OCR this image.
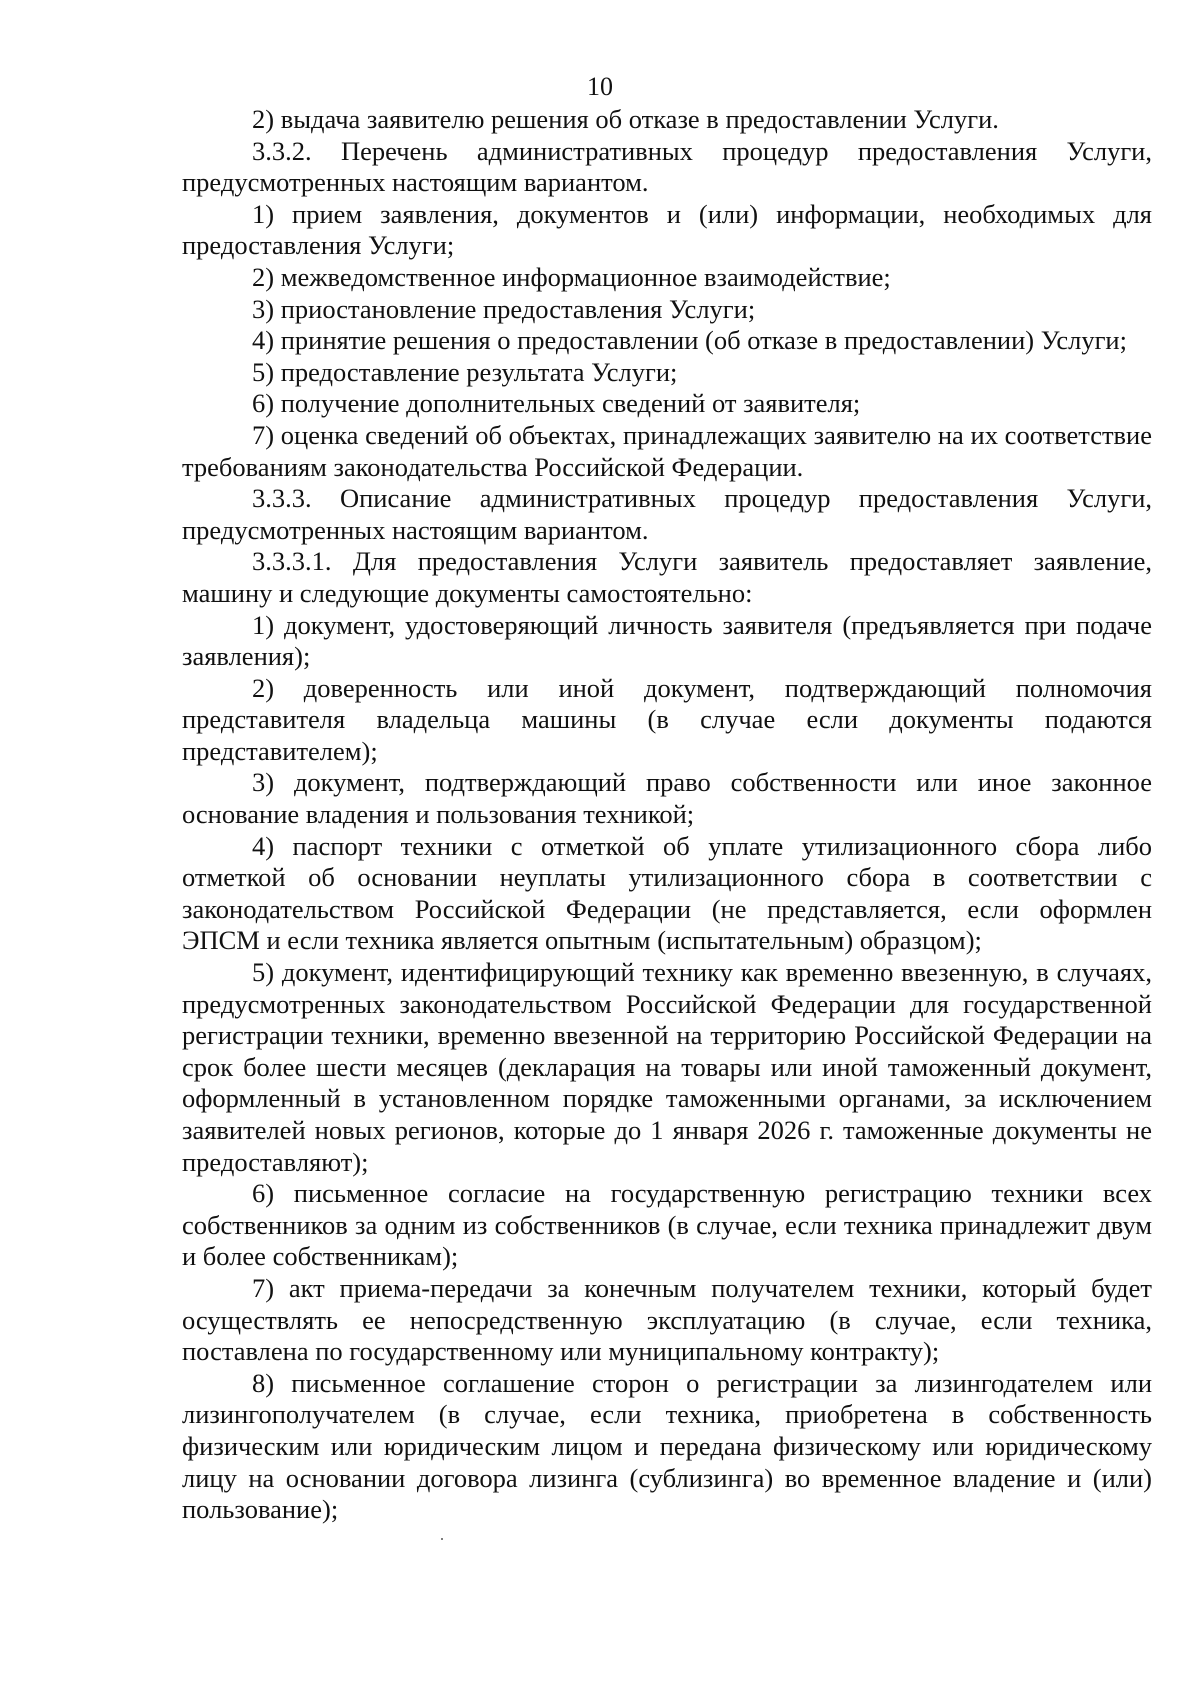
10

2) выдача заявителю решения об отказе в предоставлении Услуги.

3.3.2. Перечень административных процедур предоставления Услуги, предусмотренных настоящим вариантом.

1) прием заявления, документов и (или) информации, необходимых для предоставления Услуги;

2) межведомственное информационное взаимодействие;

3) приостановление предоставления Услуги;

4) принятие решения о предоставлении (об отказе в предоставлении) Услуги;

5) предоставление результата Услуги;

6) получение дополнительных сведений от заявителя;

7) оценка сведений об объектах, принадлежащих заявителю на их соответствие требованиям законодательства Российской Федерации.

3.3.3. Описание административных процедур предоставления Услуги, предусмотренных настоящим вариантом.

3.3.3.1. Для предоставления Услуги заявитель предоставляет заявление, машину и следующие документы самостоятельно:

1) документ, удостоверяющий личность заявителя (предъявляется при подаче заявления);

2) доверенность или иной документ, подтверждающий полномочия представителя владельца машины (в случае если документы подаются представителем);

3) документ, подтверждающий право собственности или иное законное основание владения и пользования техникой;

4) паспорт техники с отметкой об уплате утилизационного сбора либо отметкой об основании неуплаты утилизационного сбора в соответствии с законодательством Российской Федерации (не представляется, если оформлен ЭПСМ и если техника является опытным (испытательным) образцом);

5) документ, идентифицирующий технику как временно ввезенную, в случаях, предусмотренных законодательством Российской Федерации для государственной регистрации техники, временно ввезенной на территорию Российской Федерации на срок более шести месяцев (декларация на товары или иной таможенный документ, оформленный в установленном порядке таможенными органами, за исключением заявителей новых регионов, которые до 1 января 2026 г. таможенные документы не предоставляют);

6) письменное согласие на государственную регистрацию техники всех собственников за одним из собственников (в случае, если техника принадлежит двум и более собственникам);

7) акт приема-передачи за конечным получателем техники, который будет осуществлять ее непосредственную эксплуатацию (в случае, если техника, поставлена по государственному или муниципальному контракту);

8) письменное соглашение сторон о регистрации за лизингодателем или лизингополучателем (в случае, если техника, приобретена в собственность физическим или юридическим лицом и передана физическому или юридическому лицу на основании договора лизинга (сублизинга) во временное владение и (или) пользование);
